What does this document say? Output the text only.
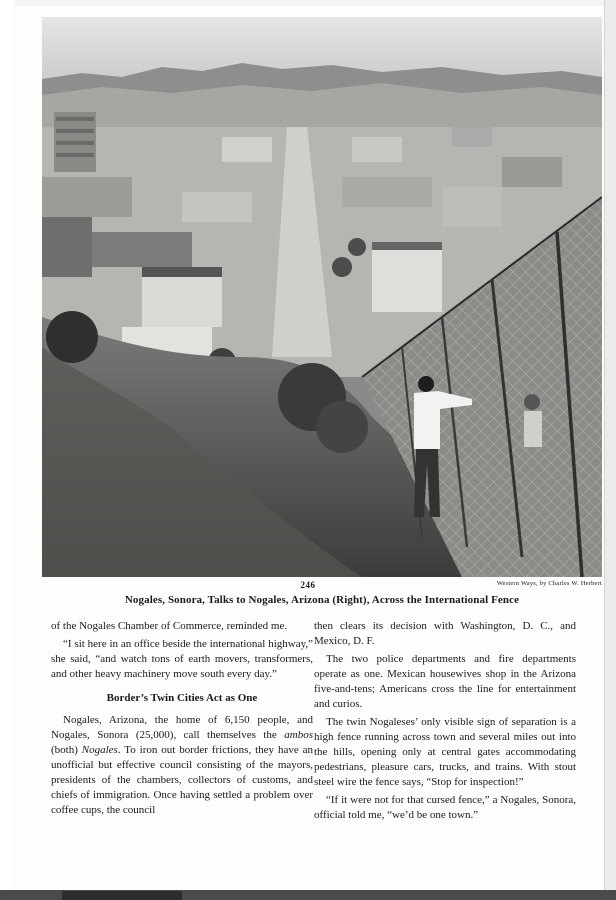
246	Western Ways, by Charles W. Herbert
Nogales, Sonora, Talks to Nogales, Arizona (Right), Across the International Fence

of the Nogales Chamber of Commerce, reminded me.

“I sit here in an office beside the international highway,” she said, “and watch tons of earth movers, transformers, and other heavy machinery move south every day.”

Border’s Twin Cities Act as One

Nogales, Arizona, the home of 6,150 people, and Nogales, Sonora (25,000), call themselves the ambos (both) Nogales. To iron out border frictions, they have an unofficial but effective council consisting of the mayors, presidents of the chambers, collectors of customs, and chiefs of immigration. Once having settled a problem over coffee cups, the council

then clears its decision with Washington, D. C., and Mexico, D. F.

The two police departments and fire departments operate as one. Mexican housewives shop in the Arizona five-and-tens; Americans cross the line for entertainment and curios.

The twin Nogaleses’ only visible sign of separation is a high fence running across town and several miles out into the hills, opening only at central gates accommodating pedestrians, pleasure cars, trucks, and trains. With stout steel wire the fence says, “Stop for inspection!”

“If it were not for that cursed fence,” a Nogales, Sonora, official told me, “we’d be one town.”
